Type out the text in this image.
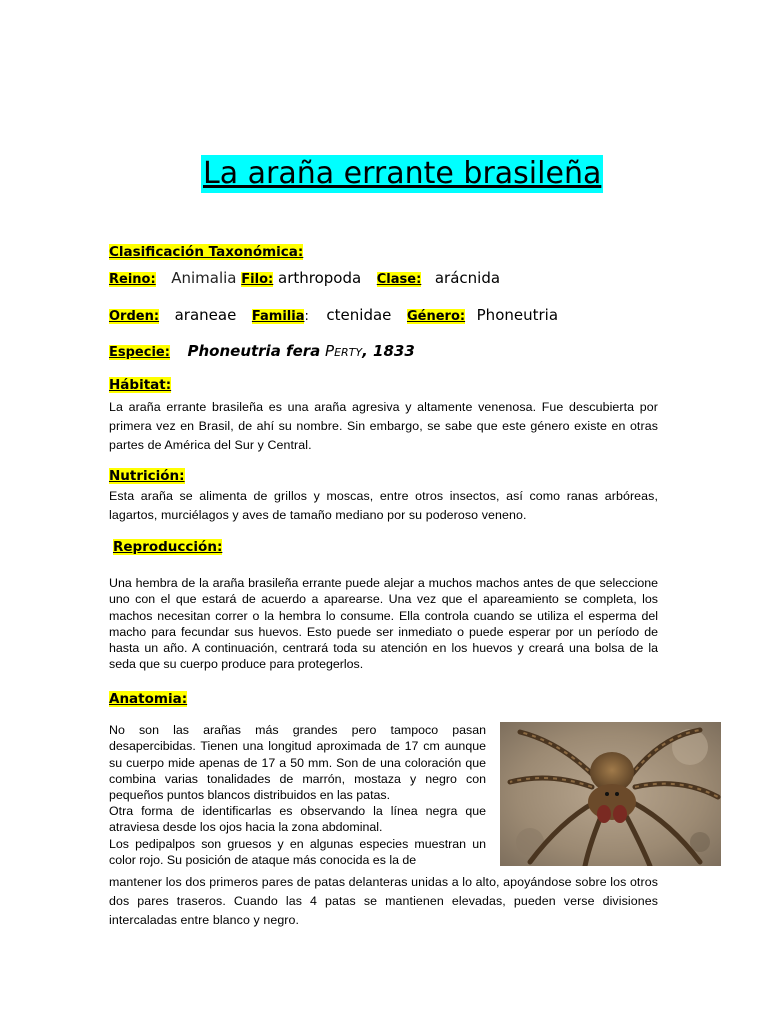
La araña errante brasileña
Clasificación Taxonómica:
Reino: Animalia Filo: arthropoda Clase: arácnida
Orden: araneae Familia: ctenidae Género: Phoneutria
Especie: Phoneutria fera PERTY, 1833
Hábitat:
La araña errante brasileña es una araña agresiva y altamente venenosa. Fue descubierta por primera vez en Brasil, de ahí su nombre. Sin embargo, se sabe que este género existe en otras partes de América del Sur y Central.
Nutrición:
Esta araña se alimenta de grillos y moscas, entre otros insectos, así como ranas arbóreas, lagartos, murciélagos y aves de tamaño mediano por su poderoso veneno.
Reproducción:
Una hembra de la araña brasileña errante puede alejar a muchos machos antes de que seleccione uno con el que estará de acuerdo a aparearse. Una vez que el apareamiento se completa, los machos necesitan correr o la hembra lo consume. Ella controla cuando se utiliza el esperma del macho para fecundar sus huevos. Esto puede ser inmediato o puede esperar por un período de hasta un año. A continuación, centrará toda su atención en los huevos y creará una bolsa de la seda que su cuerpo produce para protegerlos.
Anatomia:
No son las arañas más grandes pero tampoco pasan desapercibidas. Tienen una longitud aproximada de 17 cm aunque su cuerpo mide apenas de 17 a 50 mm. Son de una coloración que combina varias tonalidades de marrón, mostaza y negro con pequeños puntos blancos distribuidos en las patas.
Otra forma de identificarlas es observando la línea negra que atraviesa desde los ojos hacia la zona abdominal.
Los pedipalpos son gruesos y en algunas especies muestran un color rojo. Su posición de ataque más conocida es la de
mantener los dos primeros pares de patas delanteras unidas a lo alto, apoyándose sobre los otros dos pares traseros. Cuando las 4 patas se mantienen elevadas, pueden verse divisiones intercaladas entre blanco y negro.
